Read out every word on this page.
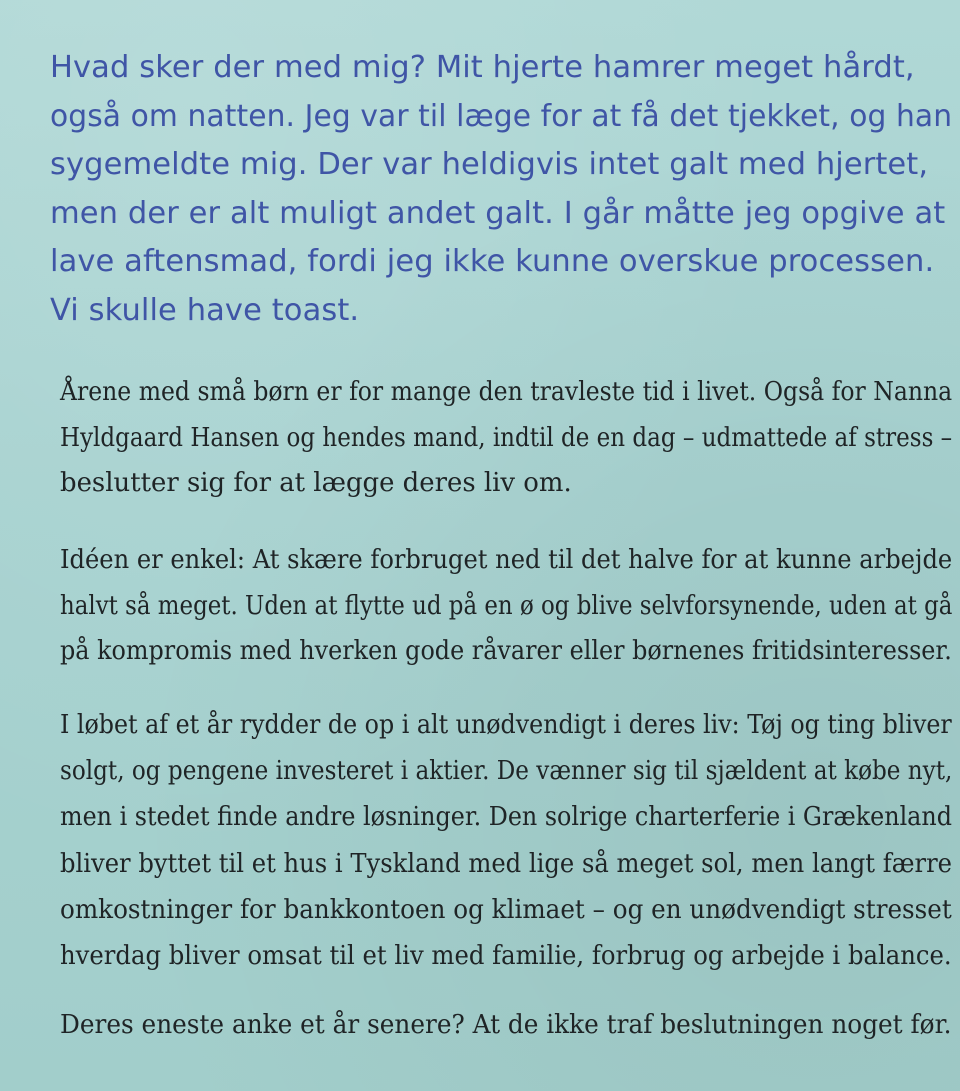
Hvad sker der med mig? Mit hjerte hamrer meget hårdt,
også om natten. Jeg var til læge for at få det tjekket, og han
sygemeldte mig. Der var heldigvis intet galt med hjertet,
men der er alt muligt andet galt. I går måtte jeg opgive at
lave aftensmad, fordi jeg ikke kunne overskue processen.
Vi skulle have toast.
Årene med små børn er for mange den travleste tid i livet. Også for Nanna
Hyldgaard Hansen og hendes mand, indtil de en dag – udmattede af stress –
beslutter sig for at lægge deres liv om.
Idéen er enkel: At skære forbruget ned til det halve for at kunne arbejde
halvt så meget. Uden at flytte ud på en ø og blive selvforsynende, uden at gå
på kompromis med hverken gode råvarer eller børnenes fritidsinteresser.
I løbet af et år rydder de op i alt unødvendigt i deres liv: Tøj og ting bliver
solgt, og pengene investeret i aktier. De vænner sig til sjældent at købe nyt,
men i stedet finde andre løsninger. Den solrige charterferie i Grækenland
bliver byttet til et hus i Tyskland med lige så meget sol, men langt færre
omkostninger for bankkontoen og klimaet – og en unødvendigt stresset
hverdag bliver omsat til et liv med familie, forbrug og arbejde i balance.
Deres eneste anke et år senere? At de ikke traf beslutningen noget før.
